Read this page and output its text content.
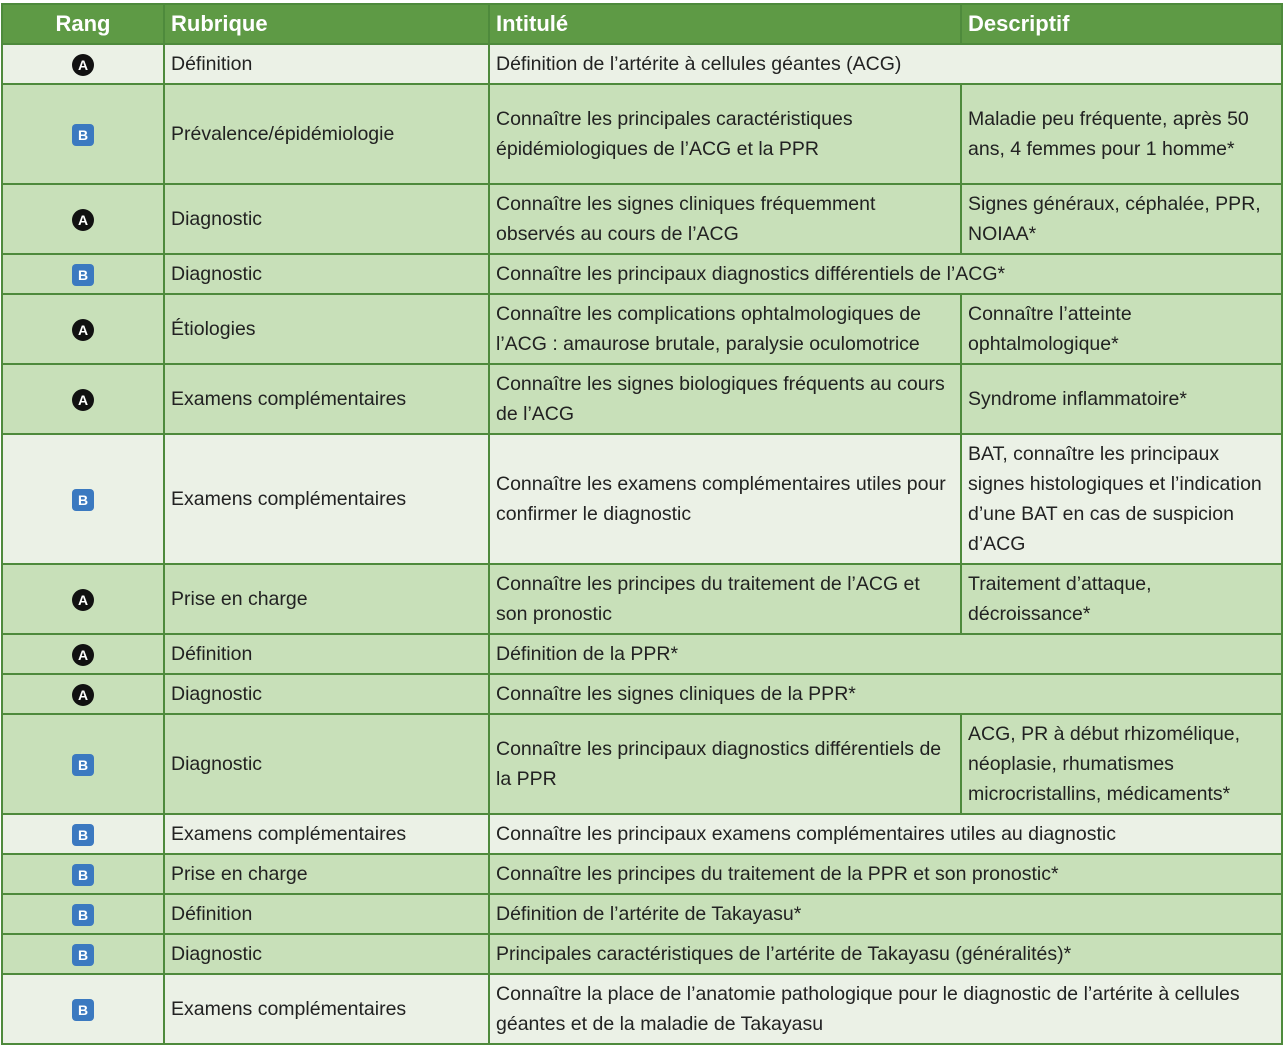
Rang	Rubrique	Intitulé	Descriptif
A	Définition	Définition de l’artérite à cellules géantes (ACG)	
B	Prévalence/épidémiologie	Connaître les principales caractéristiques épidémiologiques de l’ACG et la PPR	Maladie peu fréquente, après 50 ans, 4 femmes pour 1 homme*
A	Diagnostic	Connaître les signes cliniques fréquemment observés au cours de l’ACG	Signes généraux, céphalée, PPR, NOIAA*
B	Diagnostic	Connaître les principaux diagnostics différentiels de l’ACG*	
A	Étiologies	Connaître les complications ophtalmologiques de l’ACG : amaurose brutale, paralysie oculomotrice	Connaître l’atteinte ophtalmologique*
A	Examens complémentaires	Connaître les signes biologiques fréquents au cours de l’ACG	Syndrome inflammatoire*
B	Examens complémentaires	Connaître les examens complémentaires utiles pour confirmer le diagnostic	BAT, connaître les principaux signes histologiques et l’indication d’une BAT en cas de suspicion d’ACG
A	Prise en charge	Connaître les principes du traitement de l’ACG et son pronostic	Traitement d’attaque, décroissance*
A	Définition	Définition de la PPR*	
A	Diagnostic	Connaître les signes cliniques de la PPR*	
B	Diagnostic	Connaître les principaux diagnostics différentiels de la PPR	ACG, PR à début rhizomélique, néoplasie, rhumatismes microcristallins, médicaments*
B	Examens complémentaires	Connaître les principaux examens complémentaires utiles au diagnostic	
B	Prise en charge	Connaître les principes du traitement de la PPR et son pronostic*	
B	Définition	Définition de l’artérite de Takayasu*	
B	Diagnostic	Principales caractéristiques de l’artérite de Takayasu (généralités)*	
B	Examens complémentaires	Connaître la place de l’anatomie pathologique pour le diagnostic de l’artérite à cellules géantes et de la maladie de Takayasu	
